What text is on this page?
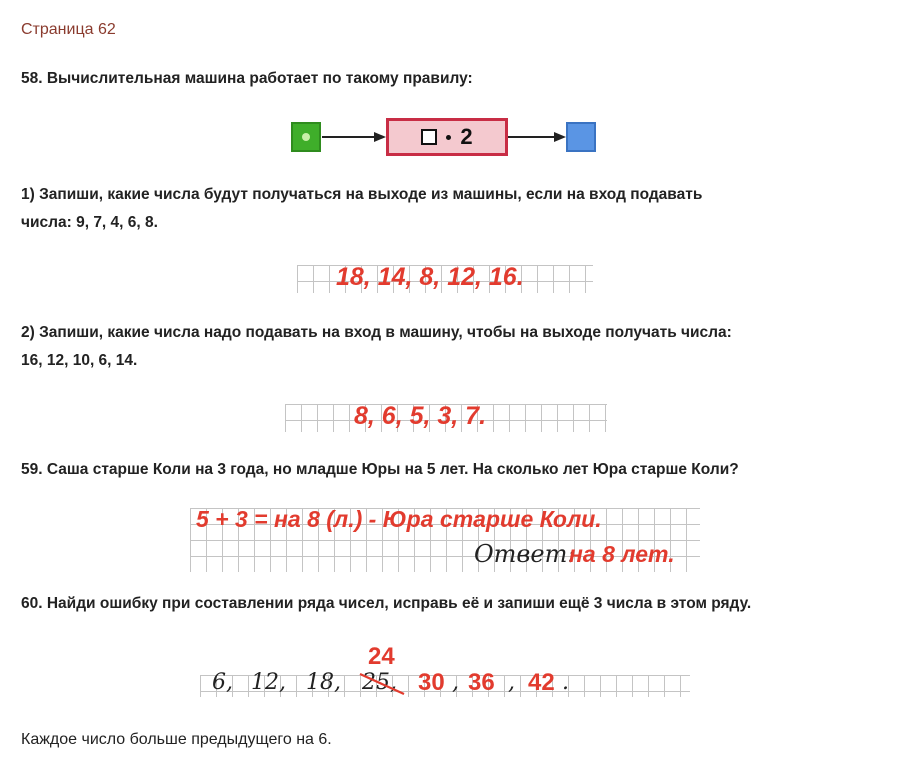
Страница 62
58. Вычислительная машина работает по такому правилу:
2
1) Запиши, какие числа будут получаться на выходе из машины, если на вход подавать
числа: 9, 7, 4, 6, 8.
18, 14, 8, 12, 16.
2) Запиши, какие числа надо подавать на вход в машину, чтобы на выходе получать числа:
16, 12, 10, 6, 14.
8, 6, 5, 3, 7.
59. Саша старше Коли на 3 года, но младше Юры на 5 лет. На сколько лет Юра старше Коли?
5 + 3 = на 8 (л.) - Юра старше Коли.
Ответ:
на 8 лет.
60. Найди ошибку при составлении ряда чисел, исправь её и запиши ещё 3 числа в этом ряду.
24
6, 12, 18, 25, 30 , 36 , 42 .
Каждое число больше предыдущего на 6.
